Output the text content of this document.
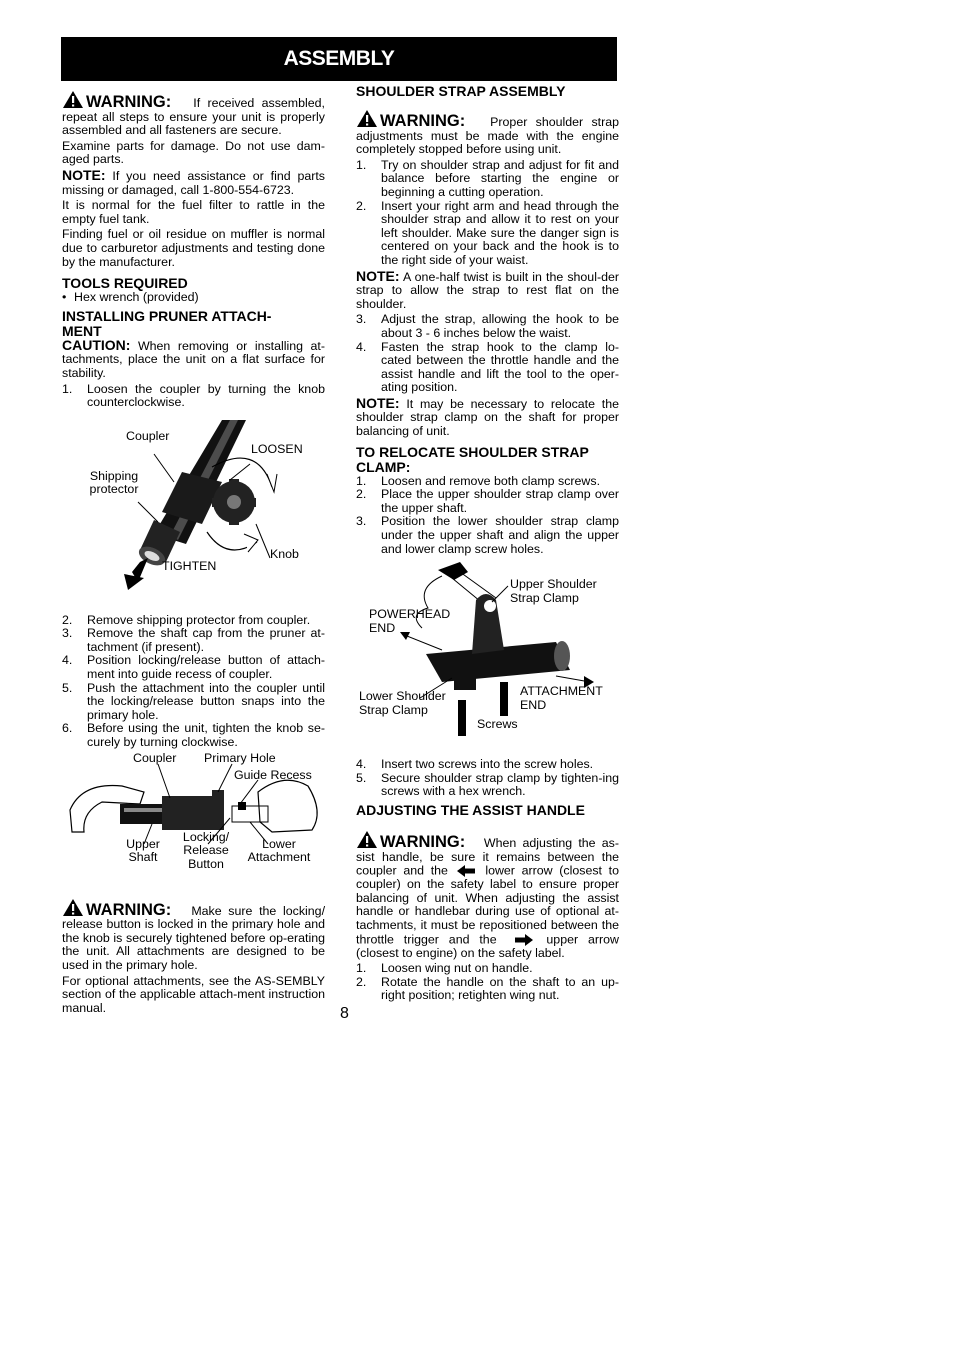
ASSEMBLY

WARNING: If received assembled, repeat all steps to ensure your unit is properly assembled and all fasteners are secure.

Examine parts for damage. Do not use dam-aged parts.

NOTE: If you need assistance or find parts missing or damaged, call 1-800-554-6723.

It is normal for the fuel filter to rattle in the empty fuel tank.

Finding fuel or oil residue on muffler is normal due to carburetor adjustments and testing done by the manufacturer.

TOOLS REQUIRED
• Hex wrench (provided)
INSTALLING PRUNER ATTACH-MENT

CAUTION: When removing or installing at-tachments, place the unit on a flat surface for stability.

1. Loosen the coupler by turning the knob counterclockwise.
Coupler
LOOSEN
Shipping
protector
Knob
TIGHTEN
2. Remove shipping protector from coupler.
3. Remove the shaft cap from the pruner at-tachment (if present).
4. Position locking/release button of attach-ment into guide recess of coupler.
5. Push the attachment into the coupler until the locking/release button snaps into the primary hole.
6. Before using the unit, tighten the knob se-curely by turning clockwise.
Coupler Primary Hole
Guide Recess
Upper
Shaft
Locking/
Release
Button
Lower
Attachment

WARNING: Make sure the locking/ release button is locked in the primary hole and the knob is securely tightened before op-erating the unit. All attachments are designed to be used in the primary hole.

For optional attachments, see the AS-SEMBLY section of the applicable attach-ment instruction manual.

SHOULDER STRAP ASSEMBLY

WARNING: Proper shoulder strap adjustments must be made with the engine completely stopped before using unit.

1. Try on shoulder strap and adjust for fit and balance before starting the engine or beginning a cutting operation.
2. Insert your right arm and head through the shoulder strap and allow it to rest on your left shoulder. Make sure the danger sign is centered on your back and the hook is to the right side of your waist.

NOTE: A one-half twist is built in the shoul-der strap to allow the strap to rest flat on the shoulder.

3. Adjust the strap, allowing the hook to be about 3 - 6 inches below the waist.
4. Fasten the strap hook to the clamp lo-cated between the throttle handle and the assist handle and lift the tool to the oper-ating position.

NOTE: It may be necessary to relocate the shoulder strap clamp on the shaft for proper balancing of unit.

TO RELOCATE SHOULDER STRAP CLAMP:
1. Loosen and remove both clamp screws.
2. Place the upper shoulder strap clamp over the upper shaft.
3. Position the lower shoulder strap clamp under the upper shaft and align the upper and lower clamp screw holes.
Upper Shoulder
Strap Clamp
POWERHEAD
END
Lower Shoulder
Strap Clamp
ATTACHMENT
END
Screws
4. Insert two screws into the screw holes.
5. Secure shoulder strap clamp by tighten-ing screws with a hex wrench.
ADJUSTING THE ASSIST HANDLE

WARNING: When adjusting the as-sist handle, be sure it remains between the coupler and the	lower arrow (closest to coupler) on the safety label to ensure proper balancing of unit. When adjusting the assist handle or handlebar during use of optional at-tachments, it must be repositioned between the throttle trigger and the	upper arrow (closest to engine) on the safety label.

1. Loosen wing nut on handle.
2. Rotate the handle on the shaft to an up-right position; retighten wing nut.
8
